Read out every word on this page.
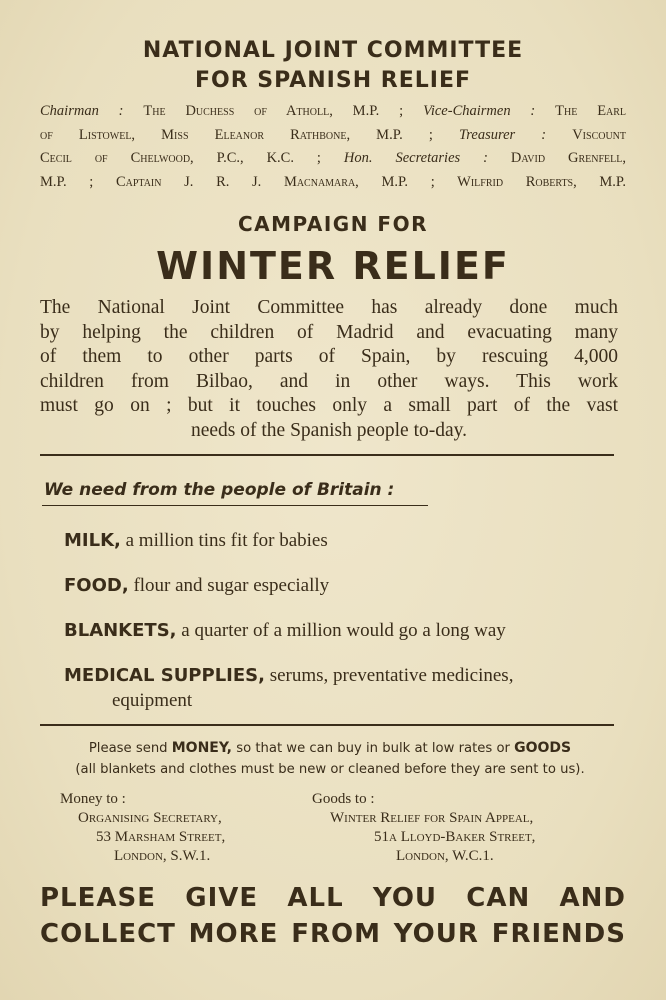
NATIONAL JOINT COMMITTEE
FOR SPANISH RELIEF
Chairman : The Duchess of Atholl, M.P. ; Vice-Chairmen : The Earl
of Listowel, Miss Eleanor Rathbone, M.P. ; Treasurer : Viscount
Cecil of Chelwood, P.C., K.C. ; Hon. Secretaries : David Grenfell,
M.P. ; Captain J. R. J. Macnamara, M.P. ; Wilfrid Roberts, M.P.
CAMPAIGN FOR
WINTER RELIEF
The National Joint Committee has already done much
by helping the children of Madrid and evacuating many
of them to other parts of Spain, by rescuing 4,000
children from Bilbao, and in other ways. This work
must go on ; but it touches only a small part of the vast
needs of the Spanish people to-day.
We need from the people of Britain :
MILK, a million tins fit for babies
FOOD, flour and sugar especially
BLANKETS, a quarter of a million would go a long way
MEDICAL SUPPLIES, serums, preventative medicines,
equipment
Please send MONEY, so that we can buy in bulk at low rates or GOODS
(all blankets and clothes must be new or cleaned before they are sent to us).
Money to :
Organising Secretary,
53 Marsham Street,
London, S.W.1.
Goods to :
Winter Relief for Spain Appeal,
51a Lloyd-Baker Street,
London, W.C.1.
PLEASE GIVE ALL YOU CAN AND
COLLECT MORE FROM YOUR FRIENDS
